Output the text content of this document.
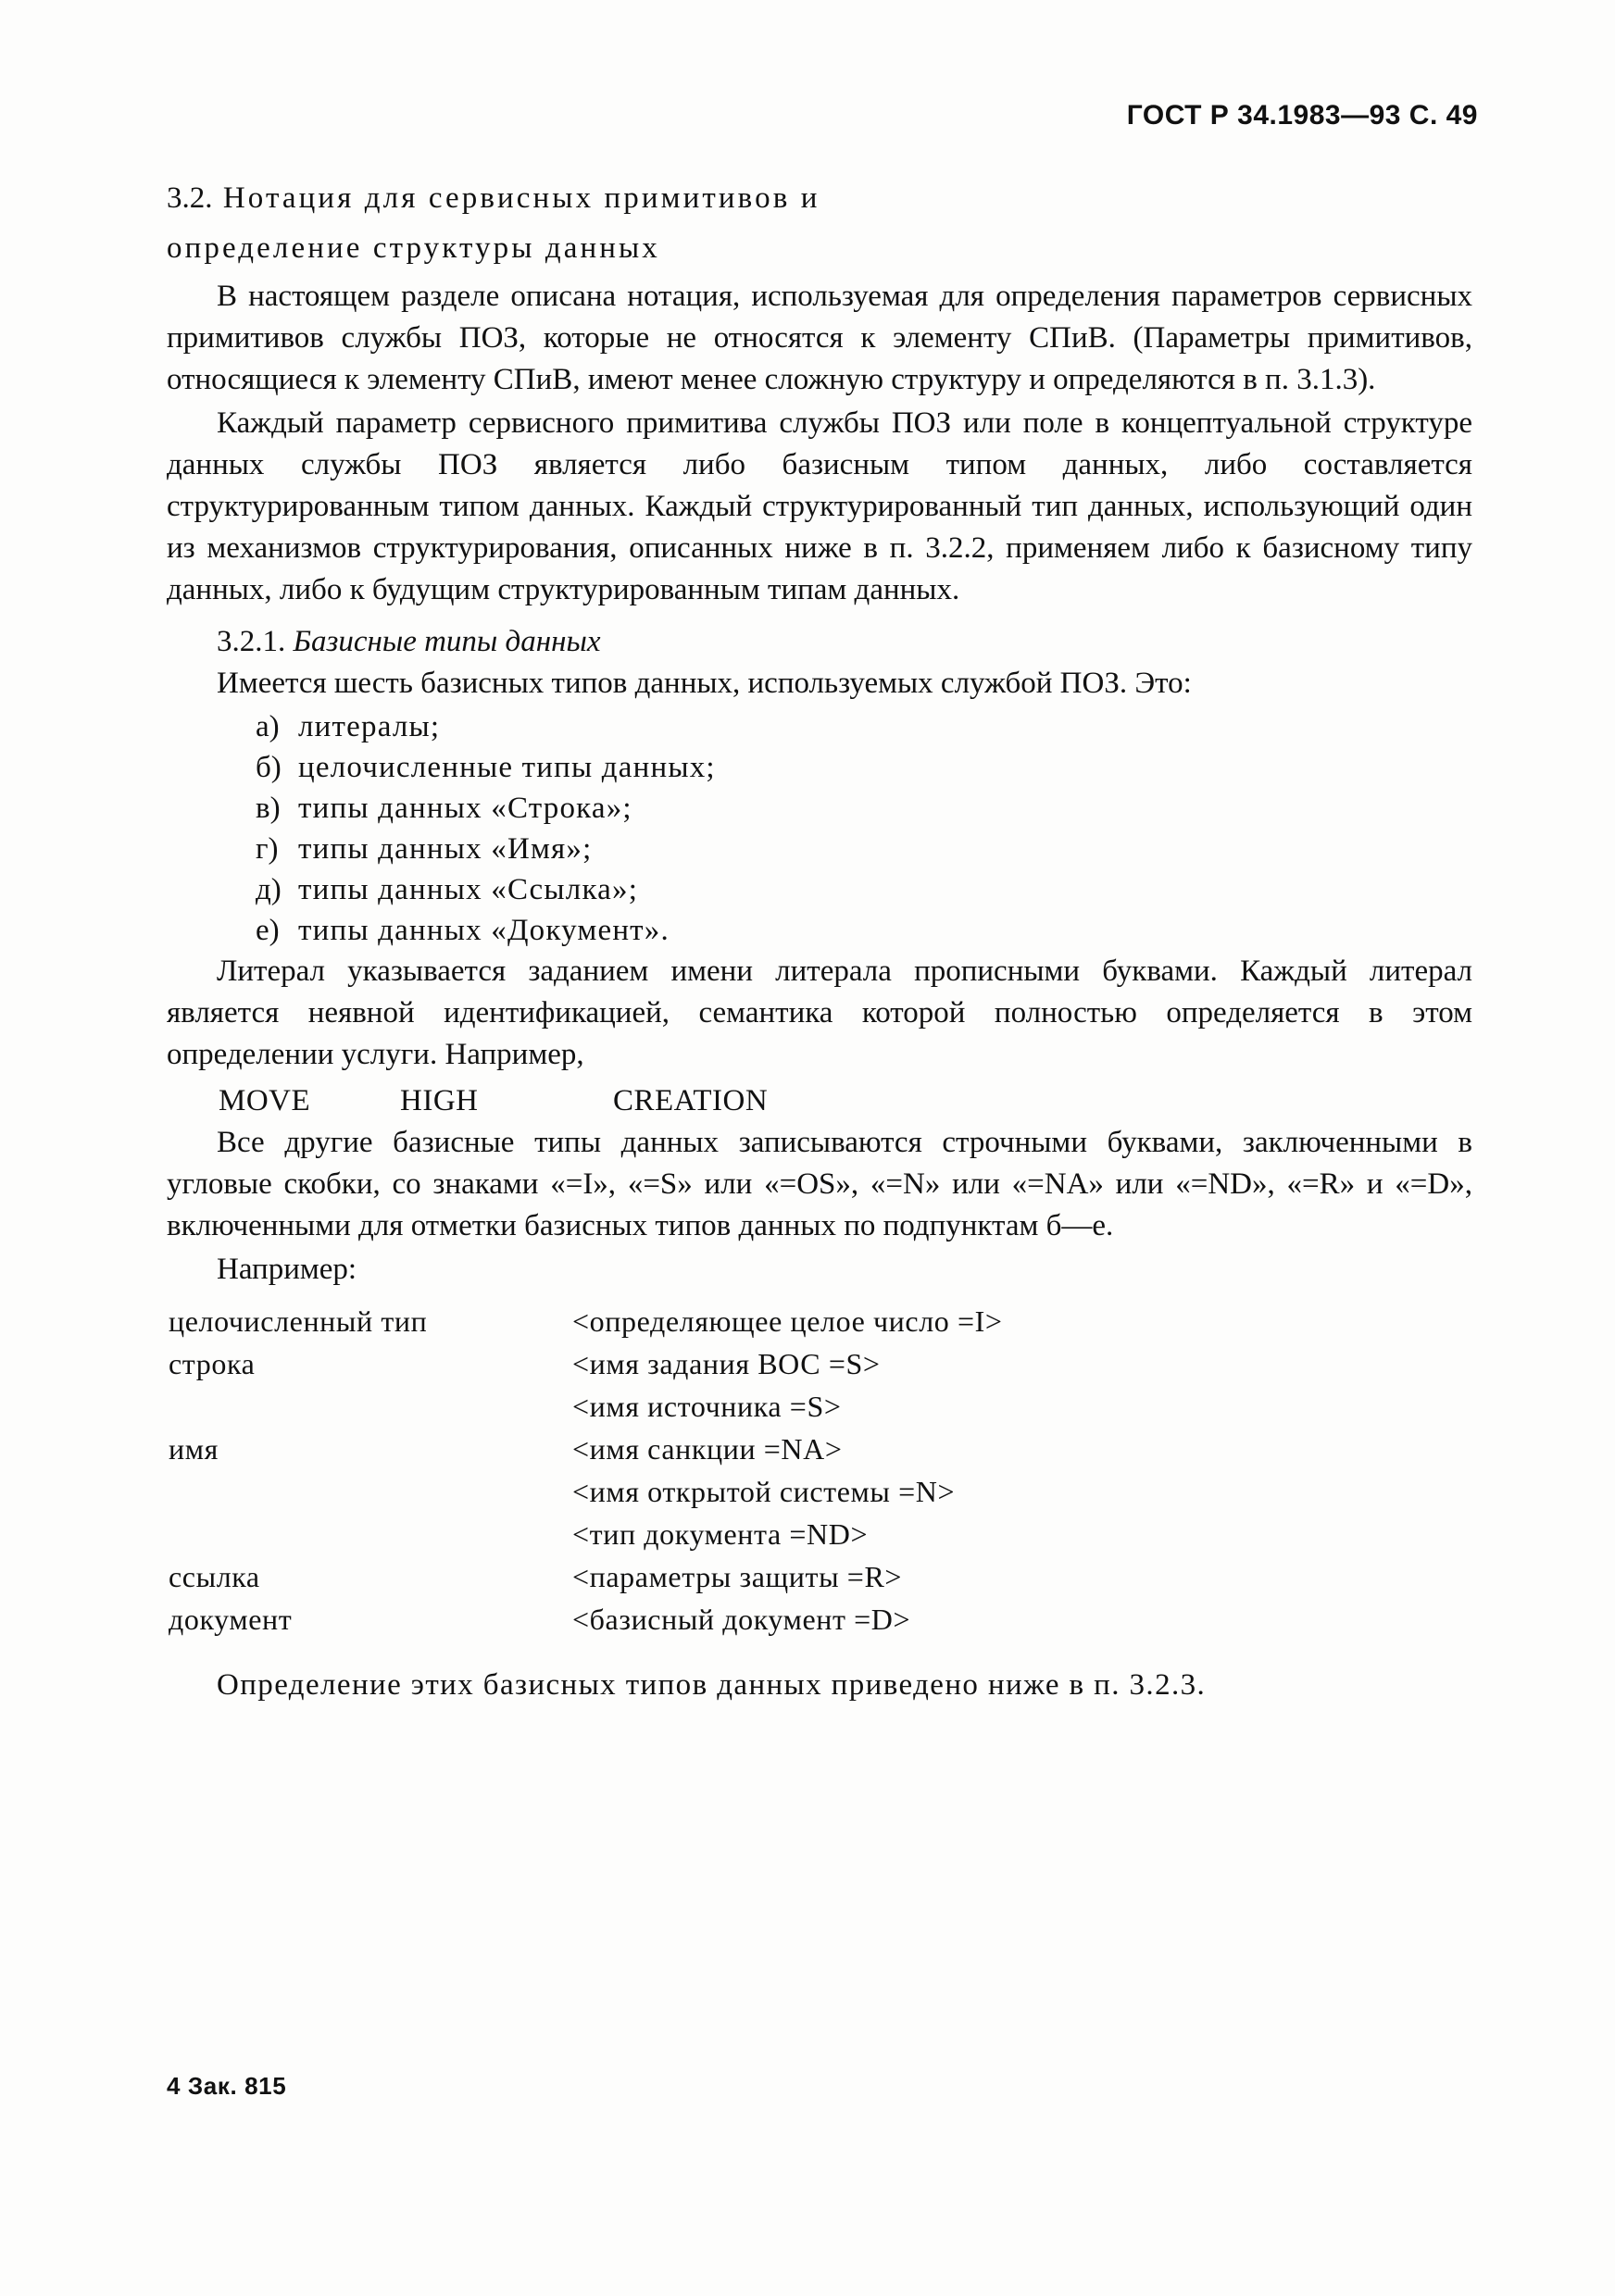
ГОСТ Р 34.1983—93 С. 49
3.2. Нотация для сервисных примитивов и
определение структуры данных

В настоящем разделе описана нотация, используемая для определения параметров сервисных примитивов службы ПОЗ, которые не относятся к элементу СПиВ. (Параметры примитивов, относящиеся к элементу СПиВ, имеют менее сложную структуру и определяются в п. 3.1.3).

Каждый параметр сервисного примитива службы ПОЗ или поле в концептуальной структуре данных службы ПОЗ является либо базисным типом данных, либо составляется структурированным типом данных. Каждый структурированный тип данных, использующий один из механизмов структурирования, описанных ниже в п. 3.2.2, применяем либо к базисному типу данных, либо к будущим структурированным типам данных.

3.2.1. Базисные типы данных

Имеется шесть базисных типов данных, используемых службой ПОЗ. Это:

а) литералы;
б) целочисленные типы данных;
в) типы данных «Строка»;
г) типы данных «Имя»;
д) типы данных «Ссылка»;
е) типы данных «Документ».

Литерал указывается заданием имени литерала прописными буквами. Каждый литерал является неявной идентификацией, семантика которой полностью определяется в этом определении услуги. Например,

MOVE	HIGH	CREATION

Все другие базисные типы данных записываются строчными буквами, заключенными в угловые скобки, со знаками «=I», «=S» или «=OS», «=N» или «=NA» или «=ND», «=R» и «=D», включенными для отметки базисных типов данных по подпунктам б—е.

Например:

целочисленный тип	<определяющее целое число =I>
строка	<имя задания ВОС =S>
	<имя источника =S>
имя	<имя санкции =NA>
	<имя открытой системы =N>
	<тип документа =ND>
ссылка	<параметры защиты =R>
документ	<базисный документ =D>

Определение этих базисных типов данных приведено ниже в п. 3.2.3.

4 Зак. 815
